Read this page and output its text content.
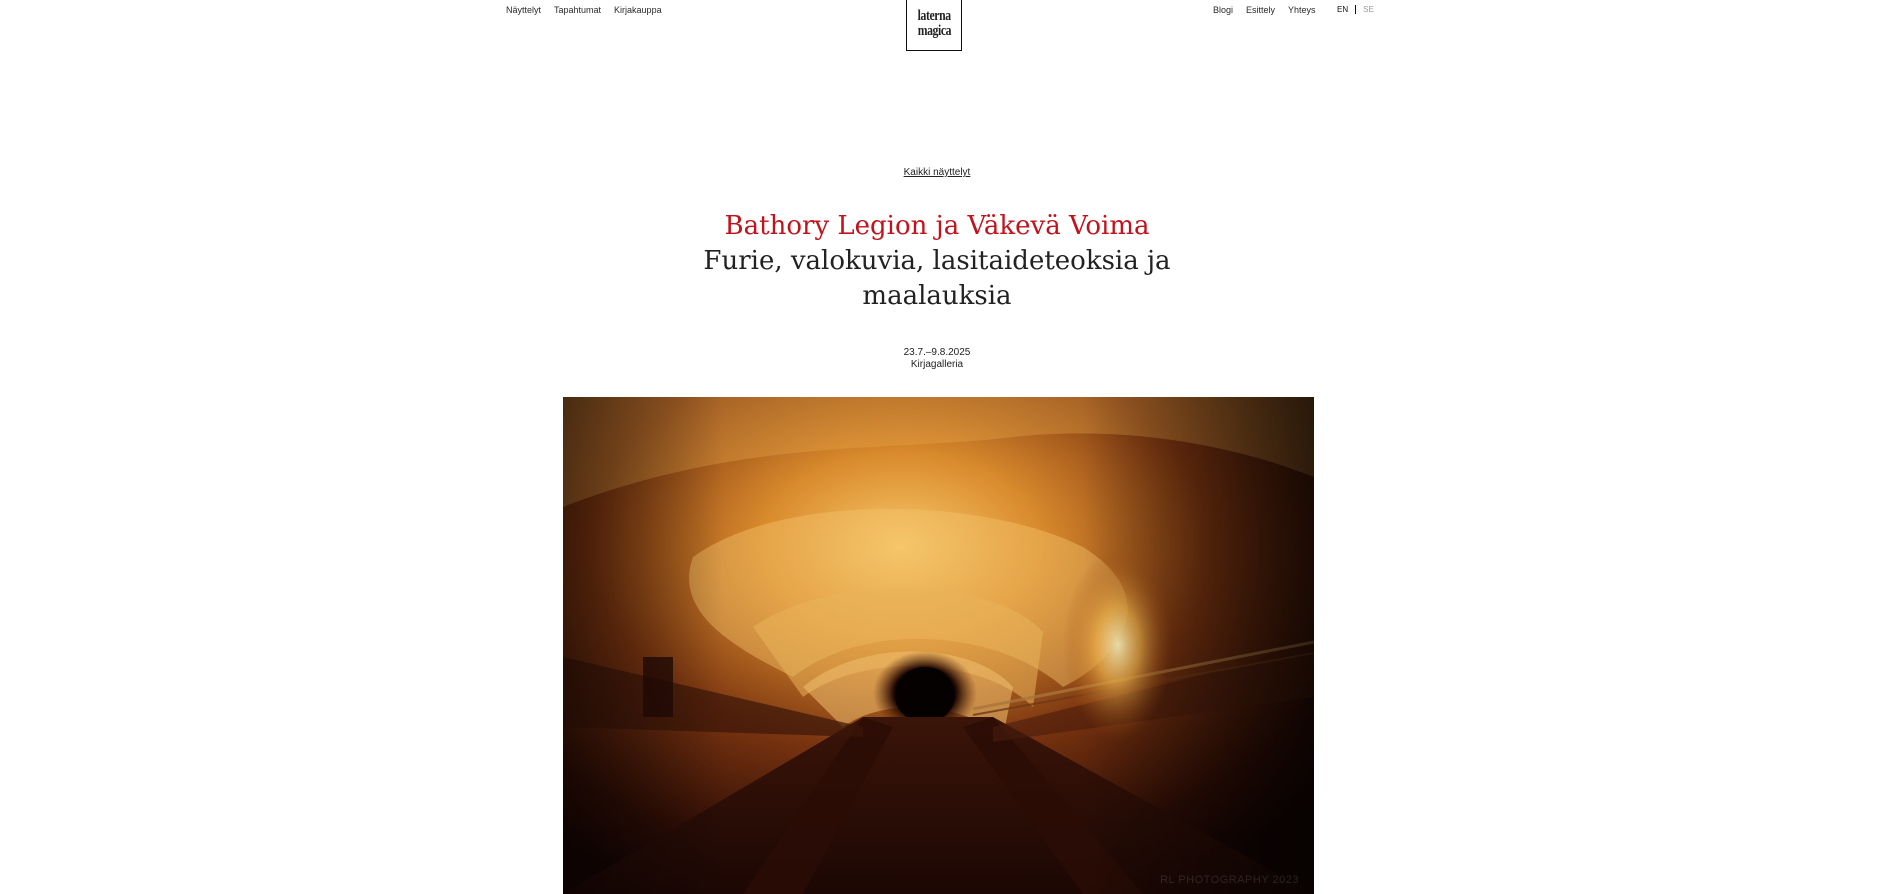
Näyttelyt Tapahtumat Kirjakauppa	laterna
magica
Blogi Esittely Yhteys	EN SE
Kaikki näyttelyt
Bathory Legion ja Väkevä Voima
Furie, valokuvia, lasitaideteoksia ja maalauksia
23.7.–9.8.2025
Kirjagalleria
RL PHOTOGRAPHY 2023
